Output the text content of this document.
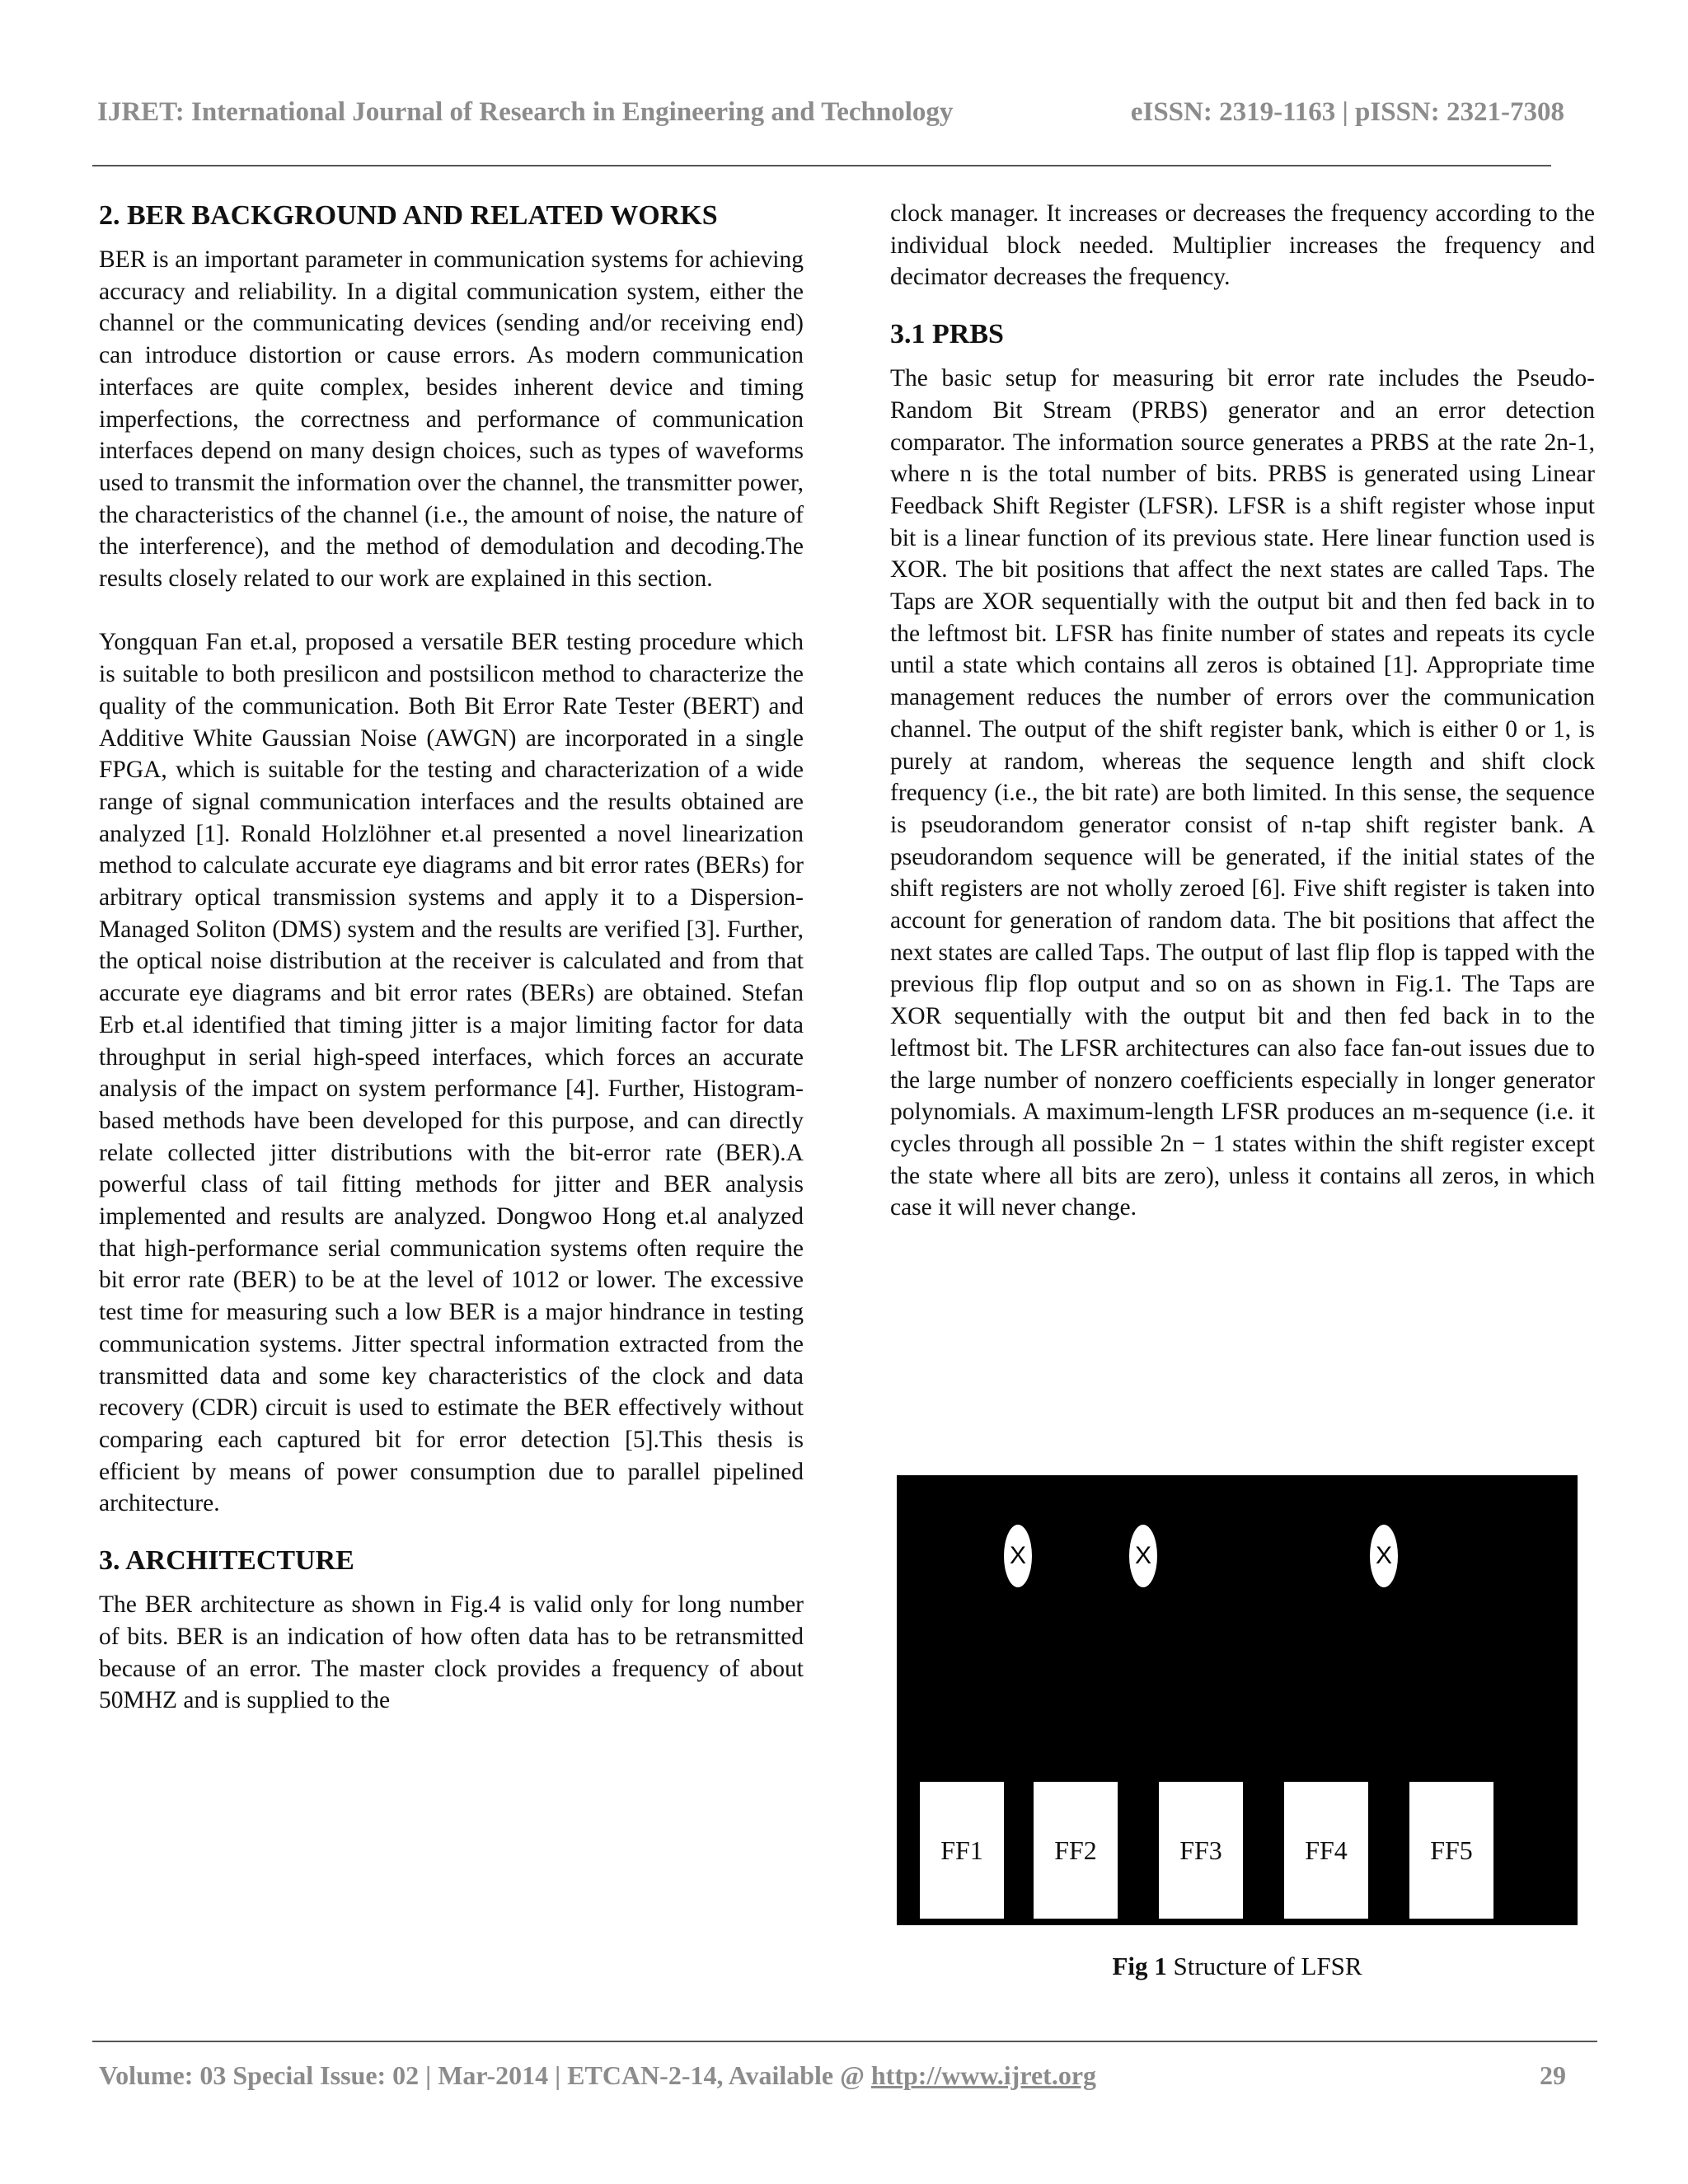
IJRET: International Journal of Research in Engineering and Technology	eISSN: 2319-1163 | pISSN: 2321-7308
2. BER BACKGROUND AND RELATED WORKS

BER is an important parameter in communication systems for achieving accuracy and reliability. In a digital communication system, either the channel or the communicating devices (sending and/or receiving end) can introduce distortion or cause errors. As modern communication interfaces are quite complex, besides inherent device and timing imperfections, the correctness and performance of communication interfaces depend on many design choices, such as types of waveforms used to transmit the information over the channel, the transmitter power, the characteristics of the channel (i.e., the amount of noise, the nature of the interference), and the method of demodulation and decoding.The results closely related to our work are explained in this section.

Yongquan Fan et.al, proposed a versatile BER testing procedure which is suitable to both presilicon and postsilicon method to characterize the quality of the communication. Both Bit Error Rate Tester (BERT) and Additive White Gaussian Noise (AWGN) are incorporated in a single FPGA, which is suitable for the testing and characterization of a wide range of signal communication interfaces and the results obtained are analyzed [1]. Ronald Holzlöhner et.al presented a novel linearization method to calculate accurate eye diagrams and bit error rates (BERs) for arbitrary optical transmission systems and apply it to a Dispersion-Managed Soliton (DMS) system and the results are verified [3]. Further, the optical noise distribution at the receiver is calculated and from that accurate eye diagrams and bit error rates (BERs) are obtained. Stefan Erb et.al identified that timing jitter is a major limiting factor for data throughput in serial high-speed interfaces, which forces an accurate analysis of the impact on system performance [4]. Further, Histogram-based methods have been developed for this purpose, and can directly relate collected jitter distributions with the bit-error rate (BER).A powerful class of tail fitting methods for jitter and BER analysis implemented and results are analyzed. Dongwoo Hong et.al analyzed that high-performance serial communication systems often require the bit error rate (BER) to be at the level of 1012 or lower. The excessive test time for measuring such a low BER is a major hindrance in testing communication systems. Jitter spectral information extracted from the transmitted data and some key characteristics of the clock and data recovery (CDR) circuit is used to estimate the BER effectively without comparing each captured bit for error detection [5].This thesis is efficient by means of power consumption due to parallel pipelined architecture.

3. ARCHITECTURE

The BER architecture as shown in Fig.4 is valid only for long number of bits. BER is an indication of how often data has to be retransmitted because of an error. The master clock provides a frequency of about 50MHZ and is supplied to the

clock manager. It increases or decreases the frequency according to the individual block needed. Multiplier increases the frequency and decimator decreases the frequency.

3.1 PRBS

The basic setup for measuring bit error rate includes the Pseudo-Random Bit Stream (PRBS) generator and an error detection comparator. The information source generates a PRBS at the rate 2n-1, where n is the total number of bits. PRBS is generated using Linear Feedback Shift Register (LFSR). LFSR is a shift register whose input bit is a linear function of its previous state. Here linear function used is XOR. The bit positions that affect the next states are called Taps. The Taps are XOR sequentially with the output bit and then fed back in to the leftmost bit. LFSR has finite number of states and repeats its cycle until a state which contains all zeros is obtained [1]. Appropriate time management reduces the number of errors over the communication channel. The output of the shift register bank, which is either 0 or 1, is purely at random, whereas the sequence length and shift clock frequency (i.e., the bit rate) are both limited. In this sense, the sequence is pseudorandom generator consist of n-tap shift register bank. A pseudorandom sequence will be generated, if the initial states of the shift registers are not wholly zeroed [6]. Five shift register is taken into account for generation of random data. The bit positions that affect the next states are called Taps. The output of last flip flop is tapped with the previous flip flop output and so on as shown in Fig.1. The Taps are XOR sequentially with the output bit and then fed back in to the leftmost bit. The LFSR architectures can also face fan-out issues due to the large number of nonzero coefficients especially in longer generator polynomials. A maximum-length LFSR produces an m-sequence (i.e. it cycles through all possible 2n − 1 states within the shift register except the state where all bits are zero), unless it contains all zeros, in which case it will never change.

X	X	X
FF1	FF2	FF3	FF4	FF5
Fig 1 Structure of LFSR
Volume: 03 Special Issue: 02 | Mar-2014 | ETCAN-2-14, Available @ http://www.ijret.org	29
